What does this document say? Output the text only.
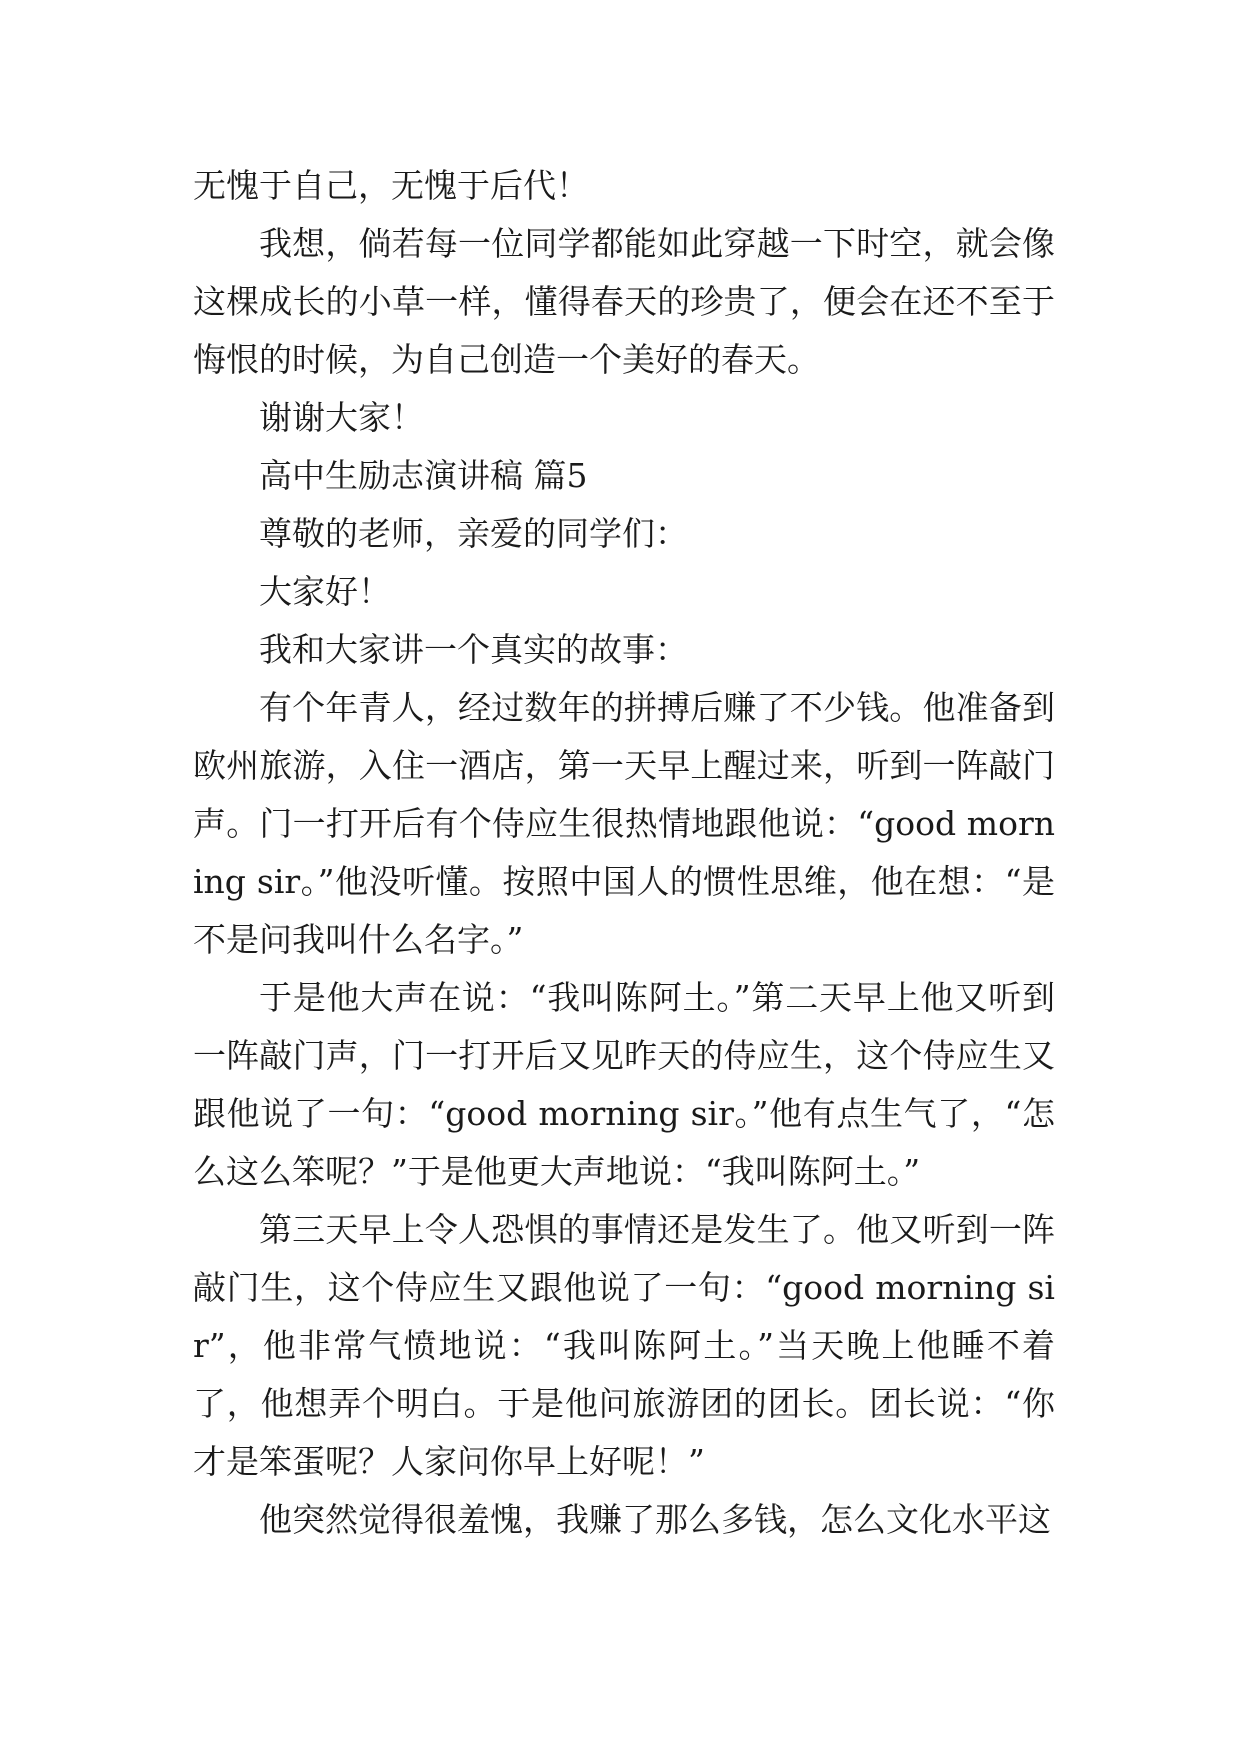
无愧于自己，无愧于后代！

我想，倘若每一位同学都能如此穿越一下时空，就会像这棵成长的小草一样，懂得春天的珍贵了，便会在还不至于悔恨的时候，为自己创造一个美好的春天。

谢谢大家！

高中生励志演讲稿 篇5

尊敬的老师，亲爱的同学们：

大家好！

我和大家讲一个真实的故事：

有个年青人，经过数年的拼搏后赚了不少钱。他准备到欧州旅游，入住一酒店，第一天早上醒过来，听到一阵敲门声。门一打开后有个侍应生很热情地跟他说：“good morning sir。”他没听懂。按照中国人的惯性思维，他在想：“是不是问我叫什么名字。”

于是他大声在说：“我叫陈阿土。”第二天早上他又听到一阵敲门声，门一打开后又见昨天的侍应生，这个侍应生又跟他说了一句：“good morning sir。”他有点生气了，“怎么这么笨呢？”于是他更大声地说：“我叫陈阿土。”

第三天早上令人恐惧的事情还是发生了。他又听到一阵敲门生，这个侍应生又跟他说了一句：“good morning sir”，他非常气愤地说：“我叫陈阿土。”当天晚上他睡不着了，他想弄个明白。于是他问旅游团的团长。团长说：“你才是笨蛋呢？人家问你早上好呢！”

他突然觉得很羞愧，我赚了那么多钱，怎么文化水平这
